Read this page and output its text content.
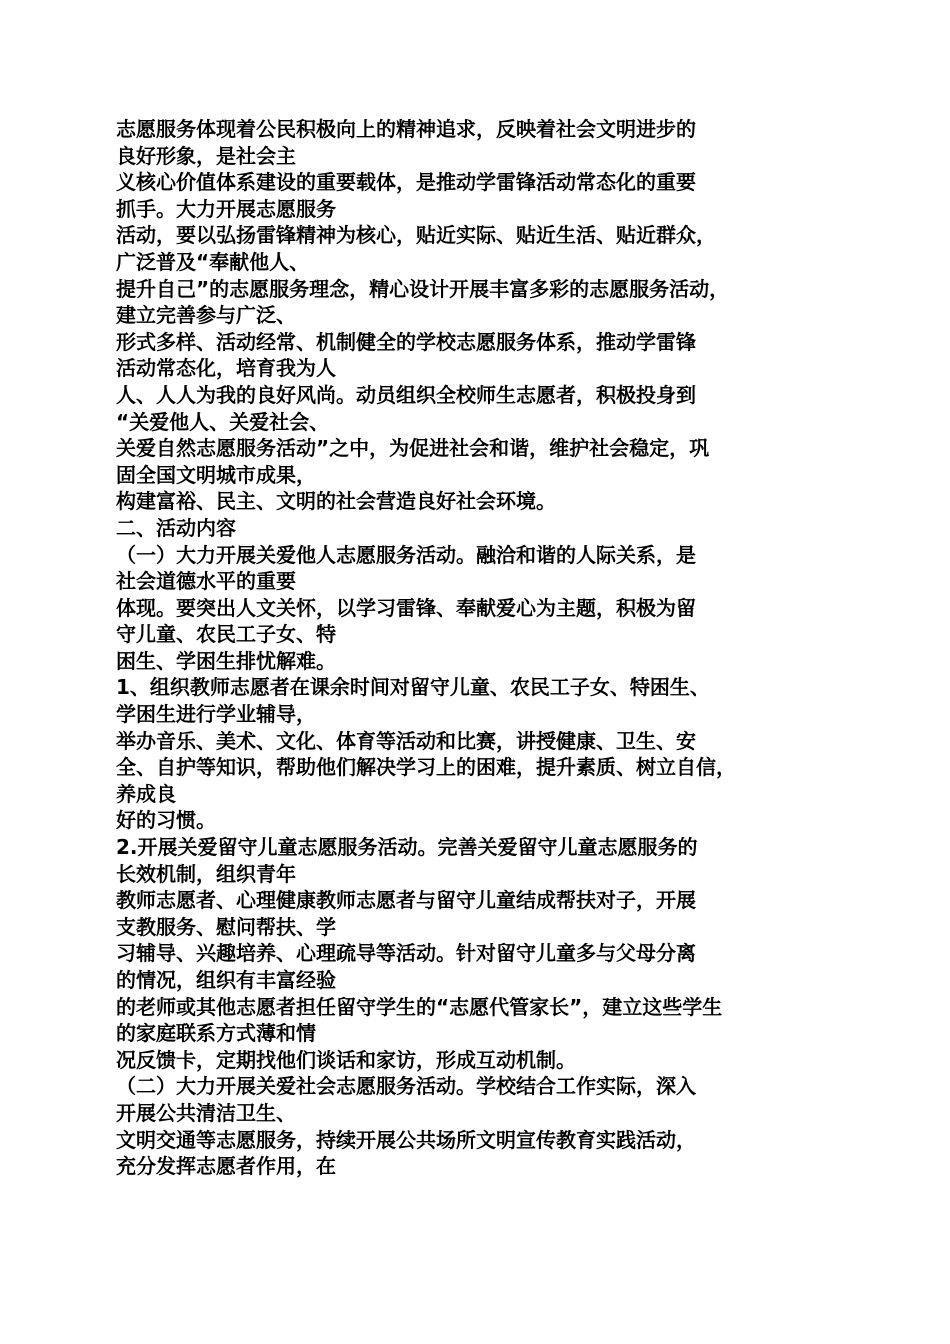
志愿服务体现着公民积极向上的精神追求，反映着社会文明进步的
良好形象，是社会主
义核心价值体系建设的重要载体，是推动学雷锋活动常态化的重要
抓手。大力开展志愿服务
活动，要以弘扬雷锋精神为核心，贴近实际、贴近生活、贴近群众，
广泛普及“奉献他人、
提升自己”的志愿服务理念，精心设计开展丰富多彩的志愿服务活动，
建立完善参与广泛、
形式多样、活动经常、机制健全的学校志愿服务体系，推动学雷锋
活动常态化，培育我为人
人、人人为我的良好风尚。动员组织全校师生志愿者，积极投身到
“关爱他人、关爱社会、
关爱自然志愿服务活动”之中，为促进社会和谐，维护社会稳定，巩
固全国文明城市成果，
构建富裕、民主、文明的社会营造良好社会环境。
二、活动内容
（一）大力开展关爱他人志愿服务活动。融洽和谐的人际关系，是
社会道德水平的重要
体现。要突出人文关怀，以学习雷锋、奉献爱心为主题，积极为留
守儿童、农民工子女、特
困生、学困生排忧解难。
1、组织教师志愿者在课余时间对留守儿童、农民工子女、特困生、
学困生进行学业辅导，
举办音乐、美术、文化、体育等活动和比赛，讲授健康、卫生、安
全、自护等知识，帮助他们解决学习上的困难，提升素质、树立自信，
养成良
好的习惯。
2.开展关爱留守儿童志愿服务活动。完善关爱留守儿童志愿服务的
长效机制，组织青年
教师志愿者、心理健康教师志愿者与留守儿童结成帮扶对子，开展
支教服务、慰问帮扶、学
习辅导、兴趣培养、心理疏导等活动。针对留守儿童多与父母分离
的情况，组织有丰富经验
的老师或其他志愿者担任留守学生的“志愿代管家长”，建立这些学生
的家庭联系方式薄和情
况反馈卡，定期找他们谈话和家访，形成互动机制。
（二）大力开展关爱社会志愿服务活动。学校结合工作实际，深入
开展公共清洁卫生、
文明交通等志愿服务，持续开展公共场所文明宣传教育实践活动，
充分发挥志愿者作用，在
